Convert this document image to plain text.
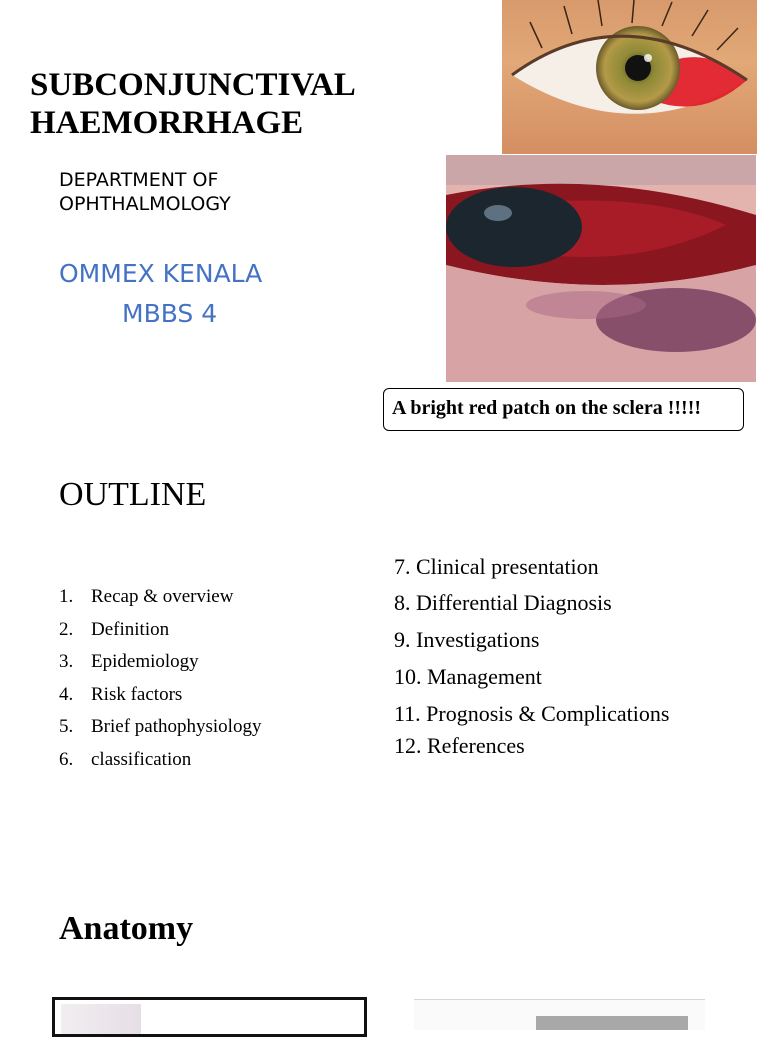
SUBCONJUNCTIVAL
HAEMORRHAGE
DEPARTMENT OF
OPHTHALMOLOGY
OMMEX KENALA
MBBS 4
A bright red patch on the sclera !!!!!
OUTLINE
1. Recap & overview
2. Definition
3. Epidemiology
4. Risk factors
5. Brief pathophysiology
6. classification
7. Clinical presentation
8. Differential Diagnosis
9. Investigations
10. Management
11. Prognosis & Complications
12. References
Anatomy
